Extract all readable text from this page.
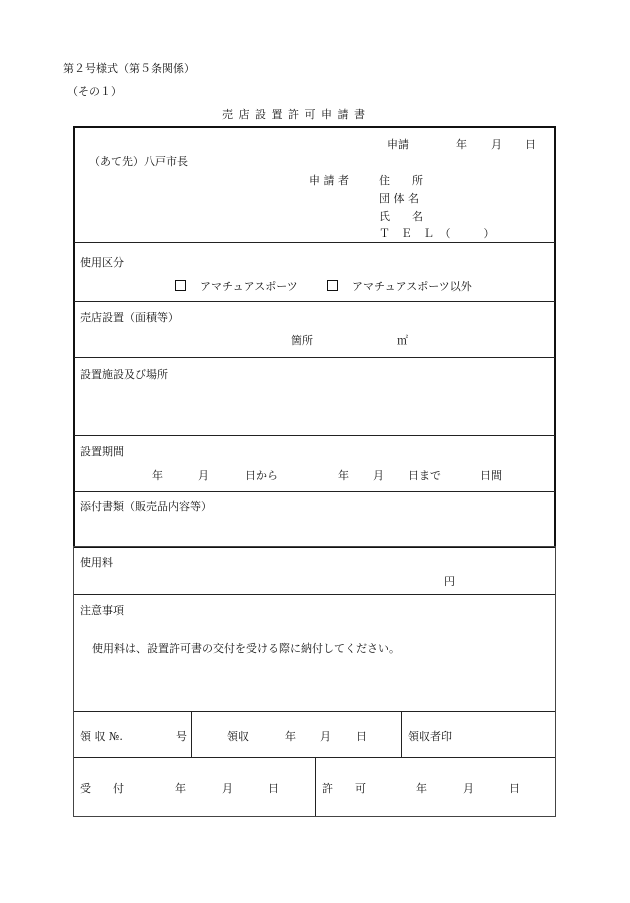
第２号様式（第５条関係）
（その１）
売 店 設 置 許 可 申 請 書
申請	年 月 日
（あて先）八戸市長
申 請 者	住　　所
団 体 名
氏　　名
Ｔ　Ｅ　Ｌ　（　　　）
使用区分
アマチュアスポーツ	アマチュアスポーツ以外
売店設置（面積等）
箇所	㎡
設置施設及び場所
設置期間
年	月	日から	年 月 日まで	日間
添付書類（販売品内容等）
使用料
円
注意事項
使用料は、設置許可書の交付を受ける際に納付してください。
領 収 №.	号	領収	年 月 日	領収者印
受　　付	年	月	日	許　　可	年	月	日
